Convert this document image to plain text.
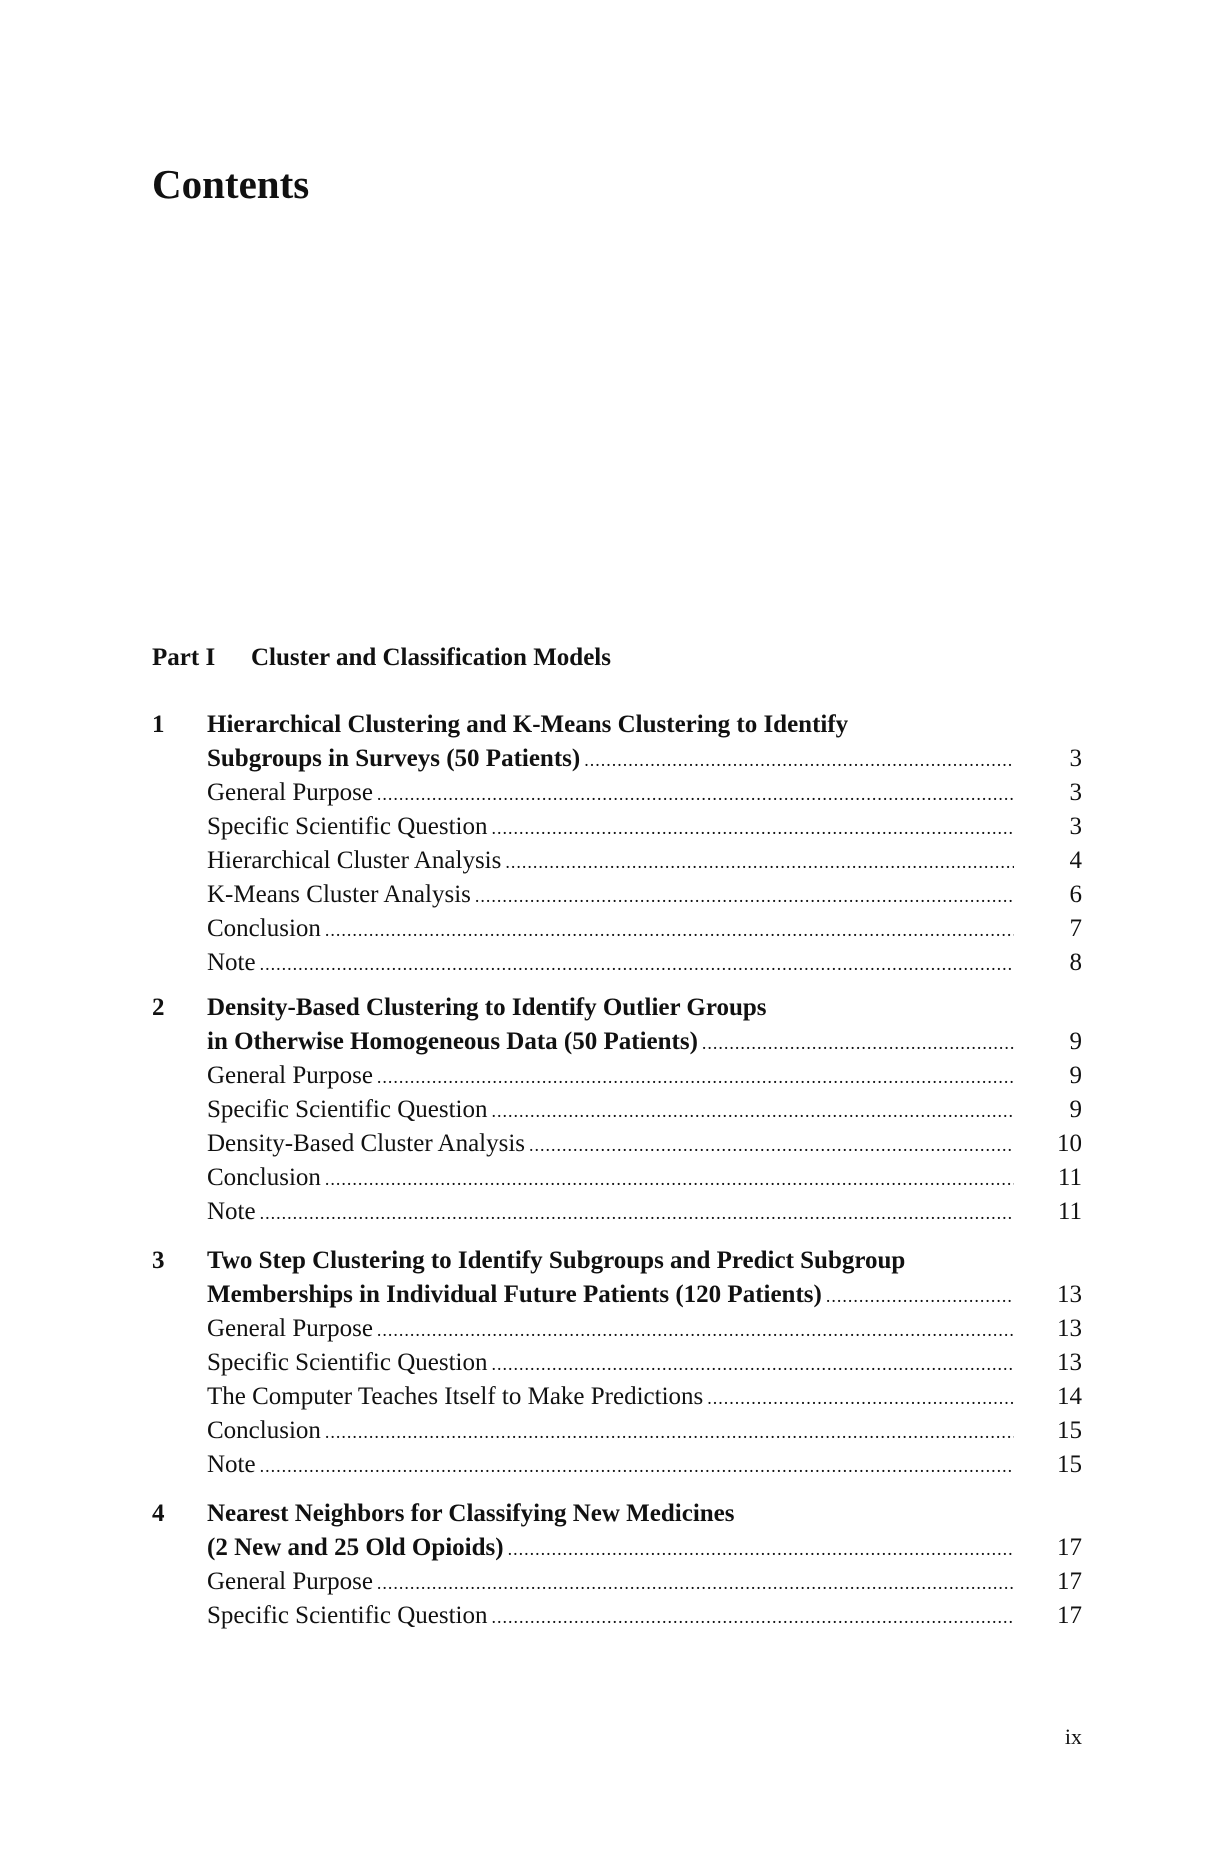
Contents
Part I Cluster and Classification Models
1 Hierarchical Clustering and K-Means Clustering to Identify
Subgroups in Surveys (50 Patients) .....	3
General Purpose .....	3
Specific Scientific Question .....	3
Hierarchical Cluster Analysis .....	4
K-Means Cluster Analysis .....	6
Conclusion .....	7
Note .....	8
2 Density-Based Clustering to Identify Outlier Groups
in Otherwise Homogeneous Data (50 Patients) .....	9
General Purpose .....	9
Specific Scientific Question .....	9
Density-Based Cluster Analysis .....	10
Conclusion .....	11
Note .....	11
3 Two Step Clustering to Identify Subgroups and Predict Subgroup
Memberships in Individual Future Patients (120 Patients) .....	13
General Purpose .....	13
Specific Scientific Question .....	13
The Computer Teaches Itself to Make Predictions .....	14
Conclusion .....	15
Note .....	15
4 Nearest Neighbors for Classifying New Medicines
(2 New and 25 Old Opioids) .....	17
General Purpose .....	17
Specific Scientific Question .....	17
ix
